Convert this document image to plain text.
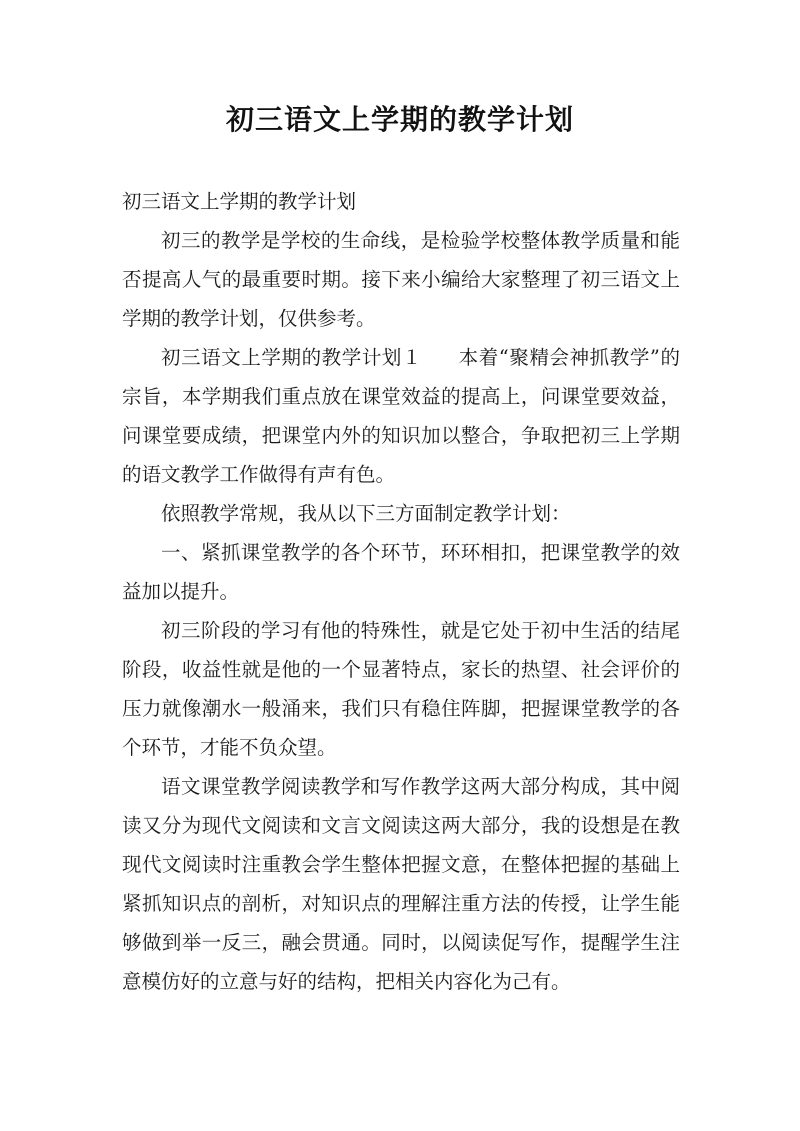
初三语文上学期的教学计划

初三语文上学期的教学计划

初三的教学是学校的生命线，是检验学校整体教学质量和能否提高人气的最重要时期。接下来小编给大家整理了初三语文上学期的教学计划，仅供参考。

初三语文上学期的教学计划１ 本着“聚精会神抓教学”的宗旨，本学期我们重点放在课堂效益的提高上，问课堂要效益，问课堂要成绩，把课堂内外的知识加以整合，争取把初三上学期的语文教学工作做得有声有色。

依照教学常规，我从以下三方面制定教学计划：

一、紧抓课堂教学的各个环节，环环相扣，把课堂教学的效益加以提升。

初三阶段的学习有他的特殊性，就是它处于初中生活的结尾阶段，收益性就是他的一个显著特点，家长的热望、社会评价的压力就像潮水一般涌来，我们只有稳住阵脚，把握课堂教学的各个环节，才能不负众望。

语文课堂教学阅读教学和写作教学这两大部分构成，其中阅读又分为现代文阅读和文言文阅读这两大部分，我的设想是在教现代文阅读时注重教会学生整体把握文意，在整体把握的基础上紧抓知识点的剖析，对知识点的理解注重方法的传授，让学生能够做到举一反三，融会贯通。同时，以阅读促写作，提醒学生注意模仿好的立意与好的结构，把相关内容化为己有。
